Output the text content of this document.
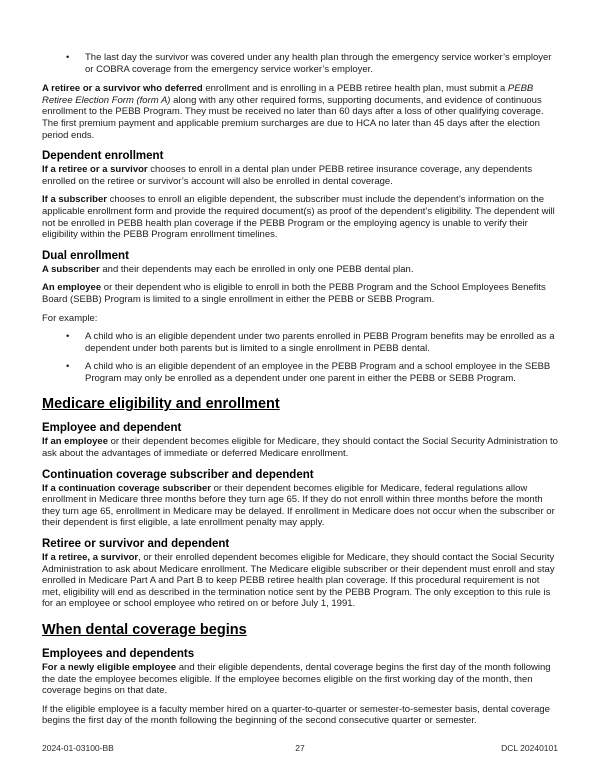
• The last day the survivor was covered under any health plan through the emergency service worker’s employer or COBRA coverage from the emergency service worker’s employer.

A retiree or a survivor who deferred enrollment and is enrolling in a PEBB retiree health plan, must submit a PEBB Retiree Election Form (form A) along with any other required forms, supporting documents, and evidence of continuous enrollment to the PEBB Program. They must be received no later than 60 days after a loss of other qualifying coverage. The first premium payment and applicable premium surcharges are due to HCA no later than 45 days after the election period ends.

Dependent enrollment

If a retiree or a survivor chooses to enroll in a dental plan under PEBB retiree insurance coverage, any dependents enrolled on the retiree or survivor’s account will also be enrolled in dental coverage.

If a subscriber chooses to enroll an eligible dependent, the subscriber must include the dependent’s information on the applicable enrollment form and provide the required document(s) as proof of the dependent’s eligibility. The dependent will not be enrolled in PEBB health plan coverage if the PEBB Program or the employing agency is unable to verify their eligibility within the PEBB Program enrollment timelines.

Dual enrollment

A subscriber and their dependents may each be enrolled in only one PEBB dental plan.

An employee or their dependent who is eligible to enroll in both the PEBB Program and the School Employees Benefits Board (SEBB) Program is limited to a single enrollment in either the PEBB or SEBB Program.

For example:

• A child who is an eligible dependent under two parents enrolled in PEBB Program benefits may be enrolled as a dependent under both parents but is limited to a single enrollment in PEBB dental.
• A child who is an eligible dependent of an employee in the PEBB Program and a school employee in the SEBB Program may only be enrolled as a dependent under one parent in either the PEBB or SEBB Program.
Medicare eligibility and enrollment
Employee and dependent

If an employee or their dependent becomes eligible for Medicare, they should contact the Social Security Administration to ask about the advantages of immediate or deferred Medicare enrollment.

Continuation coverage subscriber and dependent

If a continuation coverage subscriber or their dependent becomes eligible for Medicare, federal regulations allow enrollment in Medicare three months before they turn age 65. If they do not enroll within three months before the month they turn age 65, enrollment in Medicare may be delayed. If enrollment in Medicare does not occur when the subscriber or their dependent is first eligible, a late enrollment penalty may apply.

Retiree or survivor and dependent

If a retiree, a survivor, or their enrolled dependent becomes eligible for Medicare, they should contact the Social Security Administration to ask about Medicare enrollment. The Medicare eligible subscriber or their dependent must enroll and stay enrolled in Medicare Part A and Part B to keep PEBB retiree health plan coverage. If this procedural requirement is not met, eligibility will end as described in the termination notice sent by the PEBB Program. The only exception to this rule is for an employee or school employee who retired on or before July 1, 1991.

When dental coverage begins
Employees and dependents

For a newly eligible employee and their eligible dependents, dental coverage begins the first day of the month following the date the employee becomes eligible. If the employee becomes eligible on the first working day of the month, then coverage begins on that date.

If the eligible employee is a faculty member hired on a quarter-to-quarter or semester-to-semester basis, dental coverage begins the first day of the month following the beginning of the second consecutive quarter or semester.

2024-01-03100-BB	27	DCL 20240101
